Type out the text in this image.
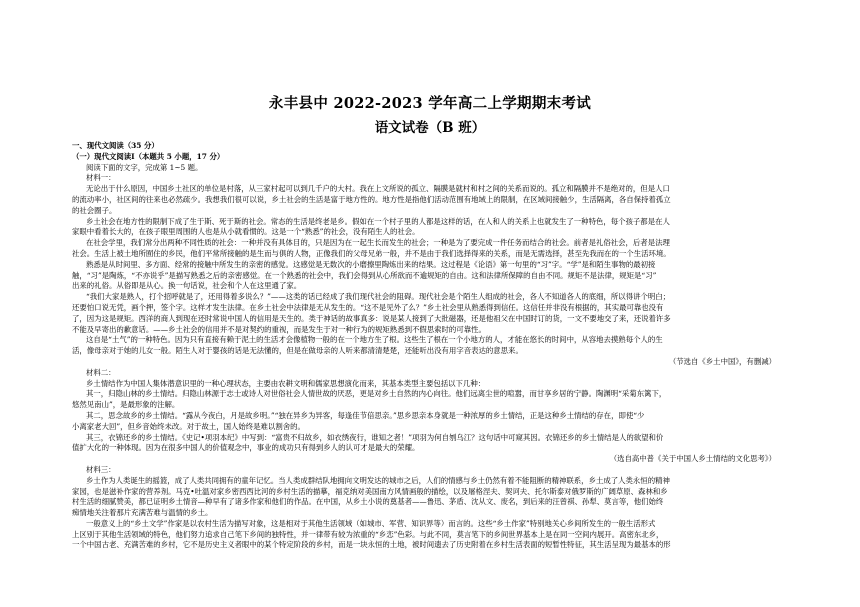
永丰县中 2022-2023 学年高二上学期期末考试
语文试卷（B 班）
一、现代文阅读（35 分）
（一）现代文阅读Ⅰ（本题共 5 小题，17 分）
阅读下面的文字，完成第 1~5 题。
材料一：
无论出于什么原因，中国乡土社区的单位是村落，从三家村起可以到几千户的大村。我在上文所说的孤立、隔膜是就村和村之间的关系而说的。孤立和隔膜并不是绝对的，但是人口
的流动率小，社区间的往来也必然疏少。我想我们很可以说，乡土社会的生活是富于地方性的。地方性是指他们活动范围有地域上的限制，在区域间接触少，生活隔离，各自保持着孤立
的社会圈子。
乡土社会在地方性的限制下成了生于斯、死于斯的社会。常态的生活是终老是乡。假如在一个村子里的人都是这样的话，在人和人的关系上也就发生了一种特色，每个孩子都是在人
家眼中看着长大的，在孩子眼里周围的人也是从小就看惯的。这是一个“熟悉”的社会，没有陌生人的社会。
在社会学里，我们常分出两种不同性质的社会：一种并没有具体目的，只是因为在一起生长而发生的社会；一种是为了要完成一件任务而结合的社会。前者是礼俗社会，后者是法理
社会。生活上被土地所囿住的乡民，他们平常所接触的是生而与俱的人物，正像我们的父母兄弟一般，并不是由于我们选择得来的关系，而是无需选择，甚至先我而在的一个生活环境。
熟悉是从时间里、多方面、经常的接触中所发生的亲密的感觉。这感觉是无数次的小磨擦里陶炼出来的结果。这过程是《论语》第一句里的“习”字。“学”是和陌生事物的最初接
触，“习”是陶炼，“不亦说乎”是描写熟悉之后的亲密感觉。在一个熟悉的社会中，我们会得到从心所欲而不逾规矩的自由。这和法律所保障的自由不同。规矩不是法律，规矩是“习”
出来的礼俗。从俗即是从心。换一句话说，社会和个人在这里通了家。
“我们大家是熟人，打个招呼就是了，还用得着多说么？”——这类的话已经成了我们现代社会的阻碍。现代社会是个陌生人组成的社会，各人不知道各人的底细，所以得讲个明白；
还要怕口说无凭，画个押，签个字。这样才发生法律。在乡土社会中法律是无从发生的。“这不是见外了么？”乡土社会里从熟悉得到信任。这信任并非没有根据的，其实最可靠也没有
了，因为这是规矩。西洋的商人到现在还时常说中国人的信用是天生的。类于神话的故事真多：说是某人接到了大批磁器，还是他祖父在中国时订的货，一文不要地交了来，还说着许多
不能及早寄出的歉意话。——乡土社会的信用并不是对契约的重视，而是发生于对一种行为的规矩熟悉到不假思索时的可靠性。
这自是“土气”的一种特色。因为只有直接有赖于泥土的生活才会像植物一般的在一个地方生了根。这些生了根在一个小地方的人，才能在悠长的时间中，从容地去摸熟每个人的生
活，像母亲对于她的儿女一般。陌生人对于婴孩的话是无法懂的，但是在做母亲的人听来都清清楚楚，还能听出没有用字音表达的意思来。
（节选自《乡土中国》，有删减）
材料二：
乡土情结作为中国人集体潜意识里的一种心理状态，主要由农耕文明和儒家思想演化而来，其基本类型主要包括以下几种：
其一，归隐山林的乡土情结。归隐山林源于志士或诗人对世俗社会人情世故的厌恶，更是对乡土自然的内心向往。他们远离尘世的喧嚣，而甘享乡居的宁静。陶渊明“采菊东篱下，
悠然见南山”，是最形象的注解。
其二，思念故乡的乡土情结。“露从今夜白，月是故乡明。”“独在异乡为异客，每逢佳节倍思亲。”思乡思亲本身就是一种浓厚的乡土情结，正是这种乡土情结的存在，即使“少
小离家老大回”，但乡音始终未改。对于故土，国人始终是难以割舍的。
其三，衣锦还乡的乡土情结。《史记•项羽本纪》中写到：“富贵不归故乡，如衣绣夜行，谁知之者！”项羽为何自刎乌江？这句话中可窥其因。衣锦还乡的乡土情结是人的欲望和价
值扩大化的一种体现。因为在很多中国人的价值观念中，事业的成功只有得到乡人的认可才是最大的荣耀。
（选自高中普《关于中国人乡土情结的文化思考》）
材料三：
乡土作为人类诞生的摇篮，成了人类共同拥有的童年记忆。当人类成群结队地拥向文明发达的城市之后，人们的情感与乡土仍然有着不能阻断的精神联系，乡土成了人类永恒的精神
家园，也是滋补作家的营养剂。马克•吐温对家乡密西西比河的乡村生活的描摹，福克纳对美国南方风情画般的描绘，以及屠格涅夫、契诃夫、托尔斯泰对俄罗斯的广阔草原、森林和乡
村生活的细腻赞美，都已证明乡土情音—种早有了诸多作家和他们的作品。在中国，从乡土小说的奠基者——鲁迅、茅盾、沈从文、废名，到后来的汪曾祺、孙犁、莫言等，他们始终
痴情地关注着那片充满苦难与温情的乡土。
一般意义上的“乡土文学”作家是以农村生活为描写对象，这是相对于其他生活领域（如城市、军营、知识界等）而言的。这些“乡土作家”特别地关心乡间所发生的一般生活形式
上区别于其他生活领域的特色，他们努力追求自己笔下乡间的独特性，并一律带有较为浓重的“乡恋”色彩。与此不同，莫言笔下的乡间世界基本上是在同一空间内展开。高密东北乡，
一个中国古老、充满苦难的乡村，它不是历史主义者眼中的某个特定阶段的乡村，而是一块永恒的土地，被时间遗去了历史附着在乡村生活表面的短暂性特征，其生活呈现为最基本的形
